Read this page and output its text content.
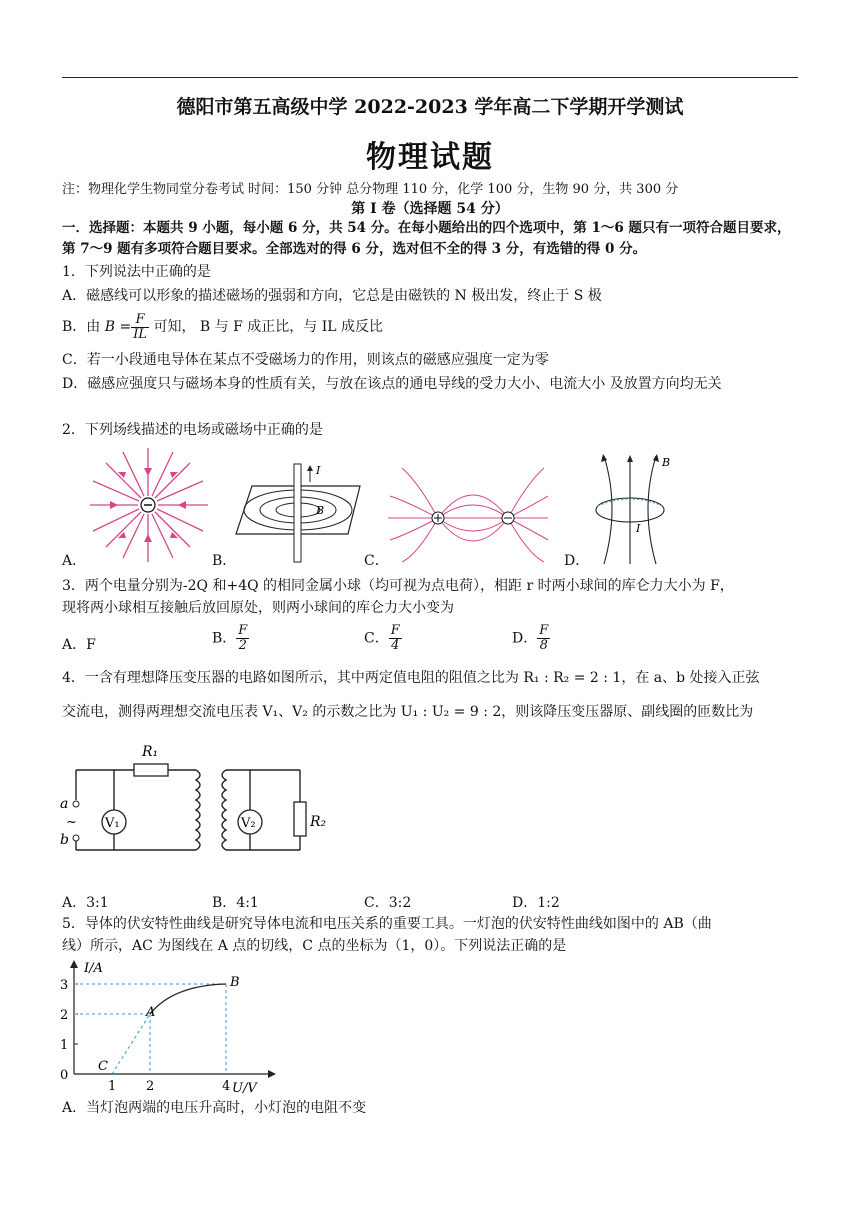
德阳市第五高级中学 2022-2023 学年高二下学期开学测试
物理试题
注：物理化学生物同堂分卷考试 时间：150 分钟 总分物理 110 分，化学 100 分，生物 90 分，共 300 分
第 I 卷（选择题 54 分）
一．选择题：本题共 9 小题，每小题 6 分，共 54 分。在每小题给出的四个选项中，第 1～6 题只有一项符合题目要求，第 7～9 题有多项符合题目要求。全部选对的得 6 分，选对但不全的得 3 分，有选错的得 0 分。
1．下列说法中正确的是
A．磁感线可以形象的描述磁场的强弱和方向，它总是由磁铁的 N 极出发，终止于 S 极
B．由 $B = \frac{F}{IL}$ 可知， B 与 F 成正比，与 IL 成反比
C．若一小段通电导体在某点不受磁场力的作用，则该点的磁感应强度一定为零
D．磁感应强度只与磁场本身的性质有关，与放在该点的通电导线的受力大小、电流大小 及放置方向均无关
2．下列场线描述的电场或磁场中正确的是
A．
I
B
B．	C．
B
I
D．
3．两个电量分别为-2Q 和+4Q 的相同金属小球（均可视为点电荷），相距 r 时两小球间的库仑力大小为 F，
现将两小球相互接触后放回原处，则两小球间的库仑力大小变为
A．F	B． $\frac{F}{2}$	C． $\frac{F}{4}$	D． $\frac{F}{8}$
4．一含有理想降压变压器的电路如图所示，其中两定值电阻的阻值之比为 R₁ : R₂ = 2 : 1，在 a、b 处接入正弦
交流电，测得两理想交流电压表 V₁、V₂ 的示数之比为 U₁ : U₂ = 9 : 2，则该降压变压器原、副线圈的匝数比为
R₁
R₂
V₁	V₂
a
b
~
A．3:1	B．4:1	C．3:2	D．1:2
5．导体的伏安特性曲线是研究导体电流和电压关系的重要工具。一灯泡的伏安特性曲线如图中的 AB（曲
线）所示，AC 为图线在 A 点的切线，C 点的坐标为（1，0）。下列说法正确的是
I/A
U/V
0
1 2	4
1
2
3
A
B
C
A．当灯泡两端的电压升高时，小灯泡的电阻不变
